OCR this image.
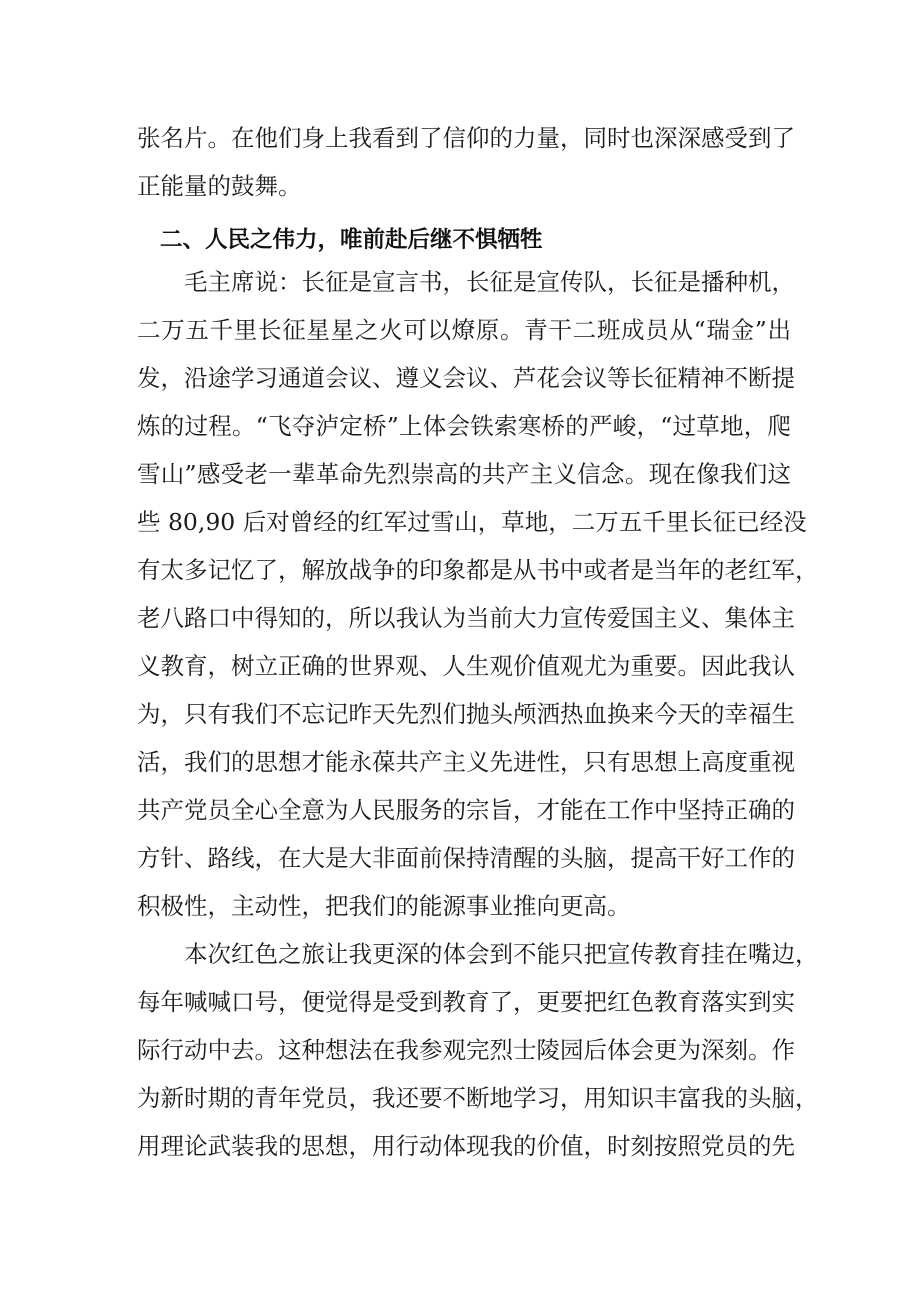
张名片。在他们身上我看到了信仰的力量，同时也深深感受到了
正能量的鼓舞。
二、人民之伟力，唯前赴后继不惧牺牲
毛主席说：长征是宣言书，长征是宣传队，长征是播种机，
二万五千里长征星星之火可以燎原。青干二班成员从“瑞金”出
发，沿途学习通道会议、遵义会议、芦花会议等长征精神不断提
炼的过程。“飞夺泸定桥”上体会铁索寒桥的严峻，“过草地，爬
雪山”感受老一辈革命先烈崇高的共产主义信念。现在像我们这
些 80,90 后对曾经的红军过雪山，草地，二万五千里长征已经没
有太多记忆了，解放战争的印象都是从书中或者是当年的老红军，
老八路口中得知的，所以我认为当前大力宣传爱国主义、集体主
义教育，树立正确的世界观、人生观价值观尤为重要。因此我认
为，只有我们不忘记昨天先烈们抛头颅洒热血换来今天的幸福生
活，我们的思想才能永葆共产主义先进性，只有思想上高度重视
共产党员全心全意为人民服务的宗旨，才能在工作中坚持正确的
方针、路线，在大是大非面前保持清醒的头脑，提高干好工作的
积极性，主动性，把我们的能源事业推向更高。
本次红色之旅让我更深的体会到不能只把宣传教育挂在嘴边，
每年喊喊口号，便觉得是受到教育了，更要把红色教育落实到实
际行动中去。这种想法在我参观完烈士陵园后体会更为深刻。作
为新时期的青年党员，我还要不断地学习，用知识丰富我的头脑，
用理论武装我的思想，用行动体现我的价值，时刻按照党员的先
